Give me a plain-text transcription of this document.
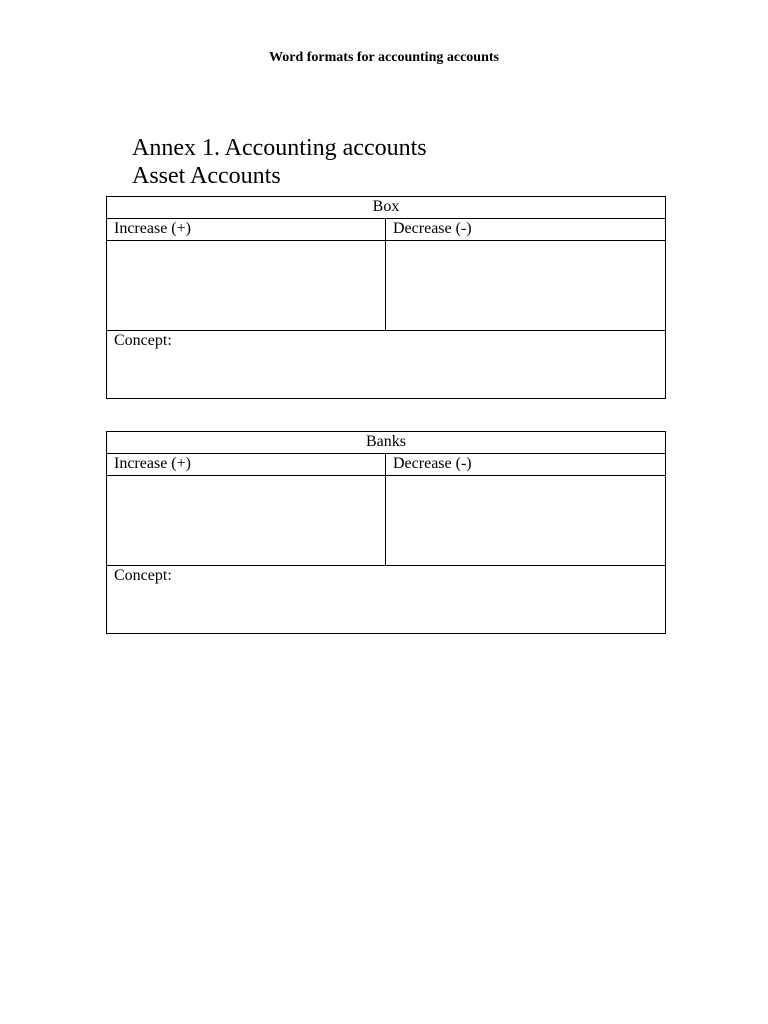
Word formats for accounting accounts
Annex 1. Accounting accounts
Asset Accounts
Box	
Increase (+)	Decrease (-)

Concept:	
Banks	
Increase (+)	Decrease (-)

Concept:	
